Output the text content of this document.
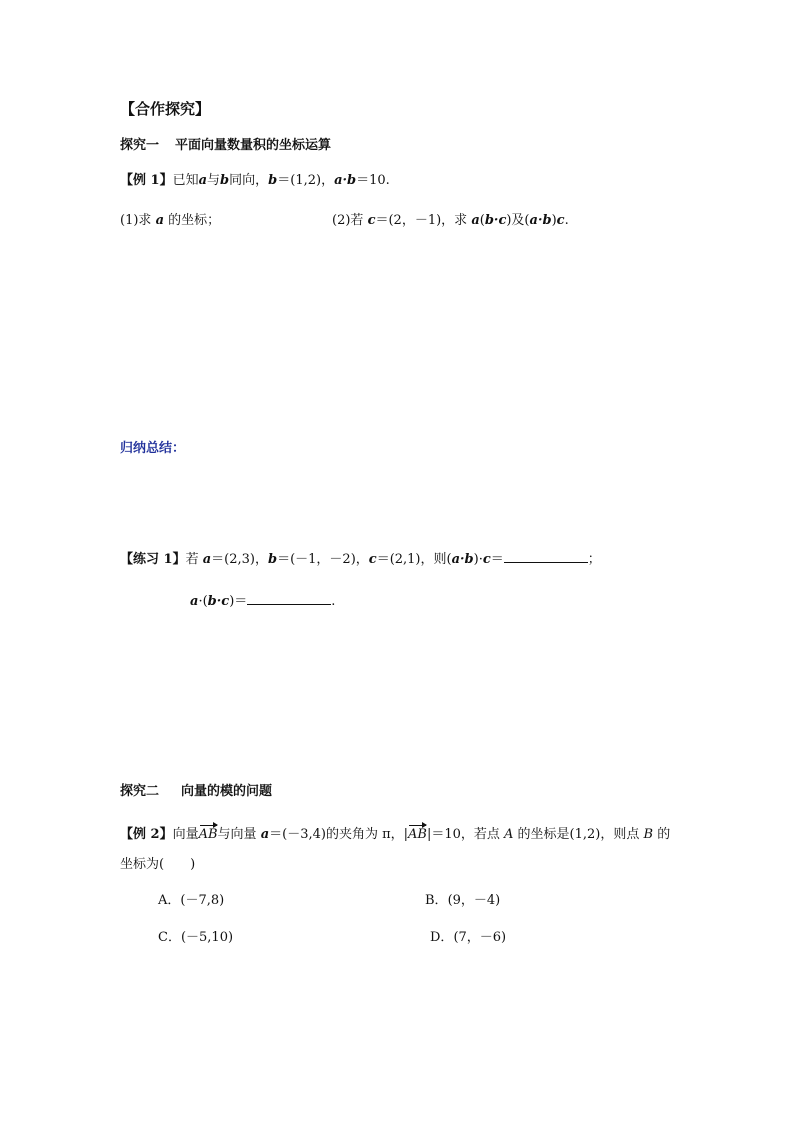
【合作探究】
探究一 平面向量数量积的坐标运算
【例 1】已知a与b同向，b＝(1,2)，a·b＝10.
(1)求 a 的坐标；	(2)若 c＝(2，－1)，求 a(b·c)及(a·b)c.
归纳总结：
【练习 1】若 a＝(2,3)，b＝(－1，－2)，c＝(2,1)，则(a·b)·c＝	；
a·(b·c)＝	.
探究二 向量的模的问题
【例 2】向量AB与向量 a＝(－3,4)的夹角为 π，|AB|＝10，若点 A 的坐标是(1,2)，则点 B 的
坐标为(　　)
A．(－7,8)	B．(9，－4)
C．(－5,10)	D．(7，－6)
